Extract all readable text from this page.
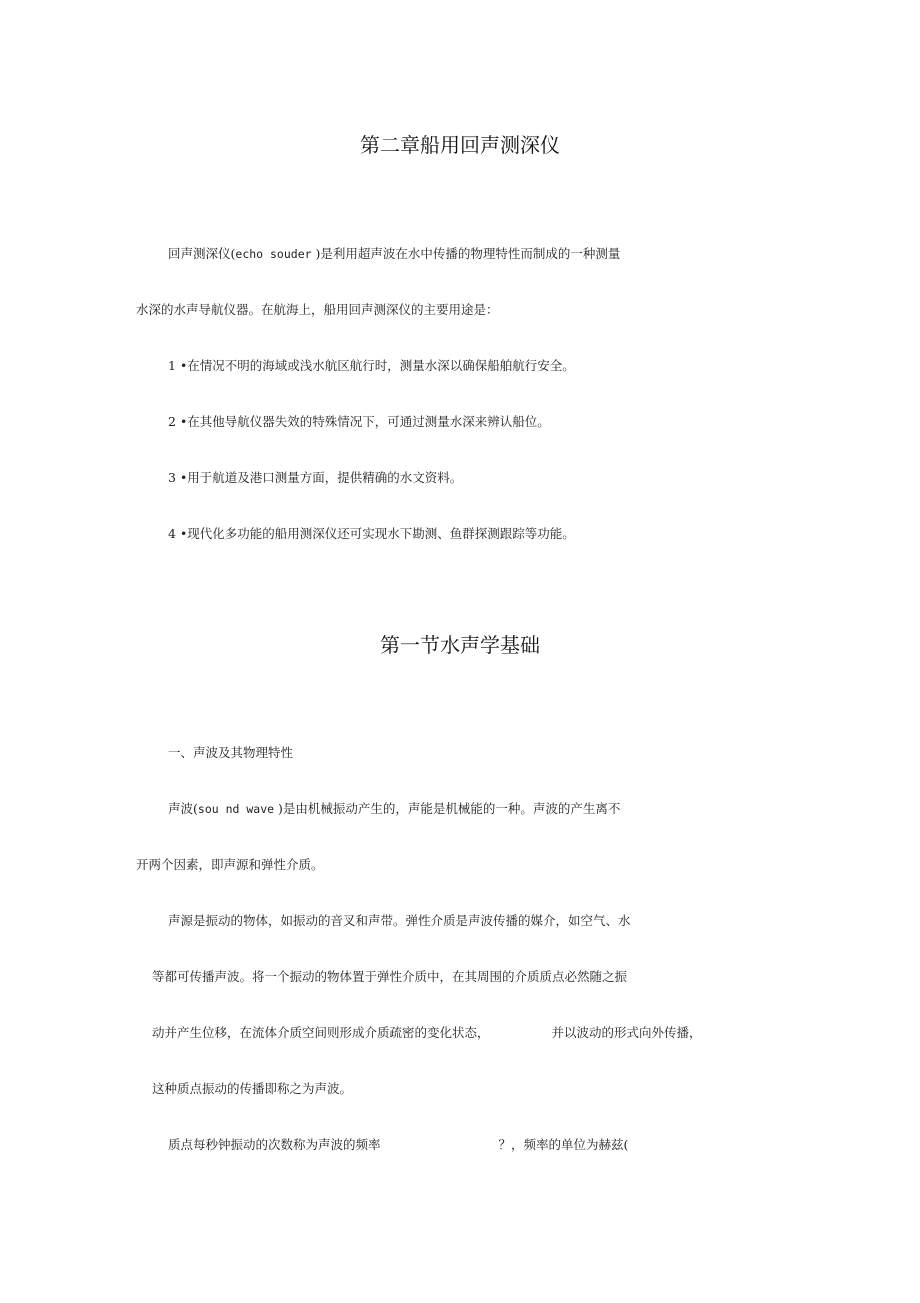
第二章船用回声测深仪
回声测深仪(echo souder )是利用超声波在水中传播的物理特性而制成的一种测量
水深的水声导航仪器。在航海上，船用回声测深仪的主要用途是：
1 •在情况不明的海域或浅水航区航行时，测量水深以确保船舶航行安全。
2 •在其他导航仪器失效的特殊情况下，可通过测量水深来辨认船位。
3 •用于航道及港口测量方面，提供精确的水文资料。
4 •现代化多功能的船用测深仪还可实现水下勘测、鱼群探测跟踪等功能。
第一节水声学基础
一、声波及其物理特性
声波(sou nd wave )是由机械振动产生的，声能是机械能的一种。声波的产生离不
开两个因素，即声源和弹性介质。
声源是振动的物体，如振动的音叉和声带。弹性介质是声波传播的媒介，如空气、水
等都可传播声波。将一个振动的物体置于弹性介质中，在其周围的介质质点必然随之振
动并产生位移，在流体介质空间则形成介质疏密的变化状态，	并以波动的形式向外传播，
这种质点振动的传播即称之为声波。
质点每秒钟振动的次数称为声波的频率	？，频率的单位为赫兹(
